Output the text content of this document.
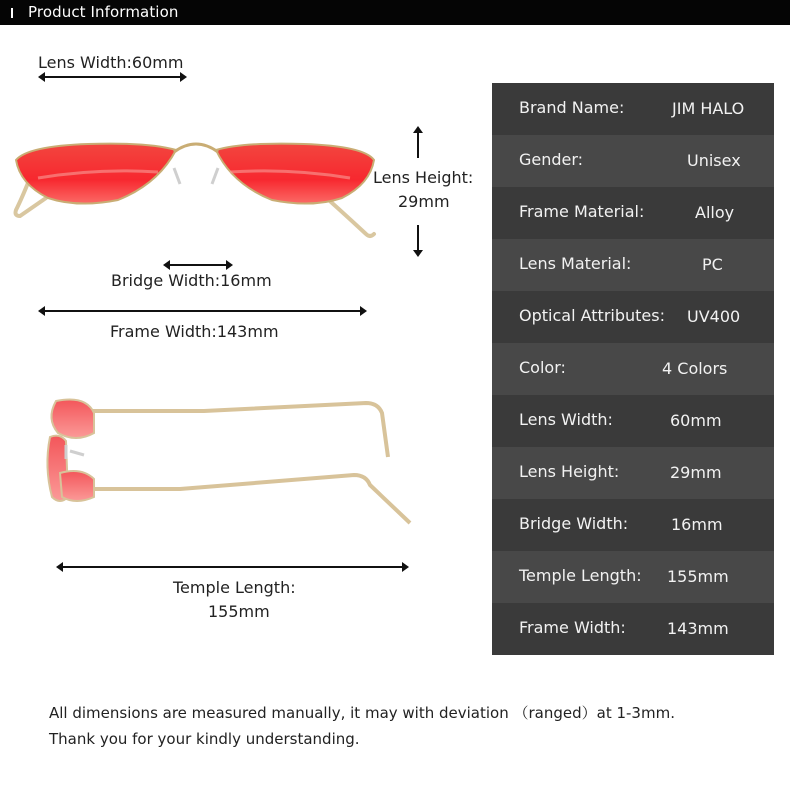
Product Information
Lens Width:60mm
Lens Height:
29mm
Bridge Width:16mm
Frame Width:143mm
Temple Length:
155mm
Brand Name:	JIM HALO
Gender:	Unisex
Frame Material:	Alloy
Lens Material:	PC
Optical Attributes: UV400
Color:	4 Colors
Lens Width:	60mm
Lens Height:	29mm
Bridge Width:	16mm
Temple Length: 155mm
Frame Width:	143mm
All dimensions are measured manually, it may with deviation （ranged）at 1-3mm.
Thank you for your kindly understanding.
